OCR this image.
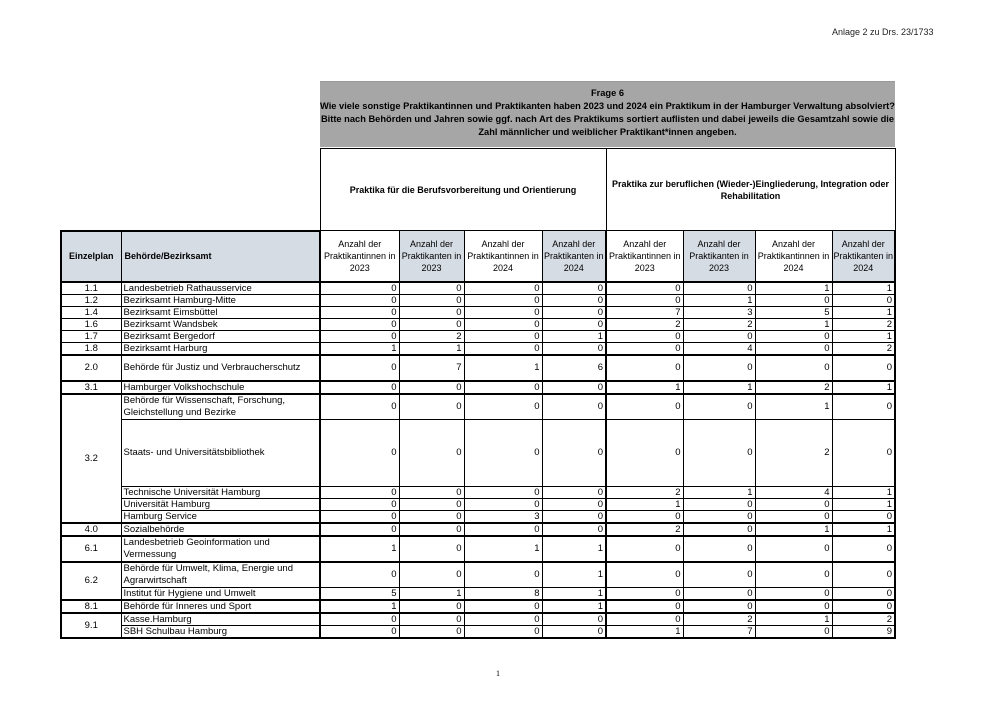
Anlage 2 zu Drs. 23/1733
Frage 6
Wie viele sonstige Praktikantinnen und Praktikanten haben 2023 und 2024 ein Praktikum in der Hamburger Verwaltung absolviert? Bitte nach Behörden und Jahren sowie ggf. nach Art des Praktikums sortiert auflisten und dabei jeweils die Gesamtzahl sowie die Zahl männlicher und weiblicher Praktikant*innen angeben.
		Praktika für die Berufsvorbereitung und Orientierung				Praktika zur beruflichen (Wieder-)Eingliederung, Integration oder Rehabilitation			
Einzelplan	Behörde/Bezirksamt	Anzahl der Praktikantinnen in 2023	Anzahl der Praktikanten in 2023	Anzahl der Praktikantinnen in 2024	Anzahl der Praktikanten in 2024	Anzahl der Praktikantinnen in 2023	Anzahl der Praktikanten in 2023	Anzahl der Praktikantinnen in 2024	Anzahl der Praktikanten in 2024
1.1	Landesbetrieb Rathausservice	0	0	0	0	0	0	1	1
1.2	Bezirksamt Hamburg-Mitte	0	0	0	0	0	1	0	0
1.4	Bezirksamt Eimsbüttel	0	0	0	0	7	3	5	1
1.6	Bezirksamt Wandsbek	0	0	0	0	2	2	1	2
1.7	Bezirksamt Bergedorf	0	2	0	1	0	0	0	1
1.8	Bezirksamt Harburg	1	1	0	0	0	4	0	2
2.0	Behörde für Justiz und Verbraucherschutz	0	7	1	6	0	0	0	0
3.1	Hamburger Volkshochschule	0	0	0	0	1	1	2	1
3.2	Behörde für Wissenschaft, Forschung, Gleichstellung und Bezirke	0	0	0	0	0	0	1	0
	Staats- und Universitätsbibliothek	0	0	0	0	0	0	2	0
	Technische Universität Hamburg	0	0	0	0	2	1	4	1
	Universität Hamburg	0	0	0	0	1	0	0	1
	Hamburg Service	0	0	3	0	0	0	0	0
4.0	Sozialbehörde	0	0	0	0	2	0	1	1
6.1	Landesbetrieb Geoinformation und Vermessung	1	0	1	1	0	0	0	0
6.2	Behörde für Umwelt, Klima, Energie und Agrarwirtschaft	0	0	0	1	0	0	0	0
	Institut für Hygiene und Umwelt	5	1	8	1	0	0	0	0
8.1	Behörde für Inneres und Sport	1	0	0	1	0	0	0	0
9.1	Kasse.Hamburg	0	0	0	0	0	2	1	2
	SBH Schulbau Hamburg	0	0	0	0	1	7	0	9
1
